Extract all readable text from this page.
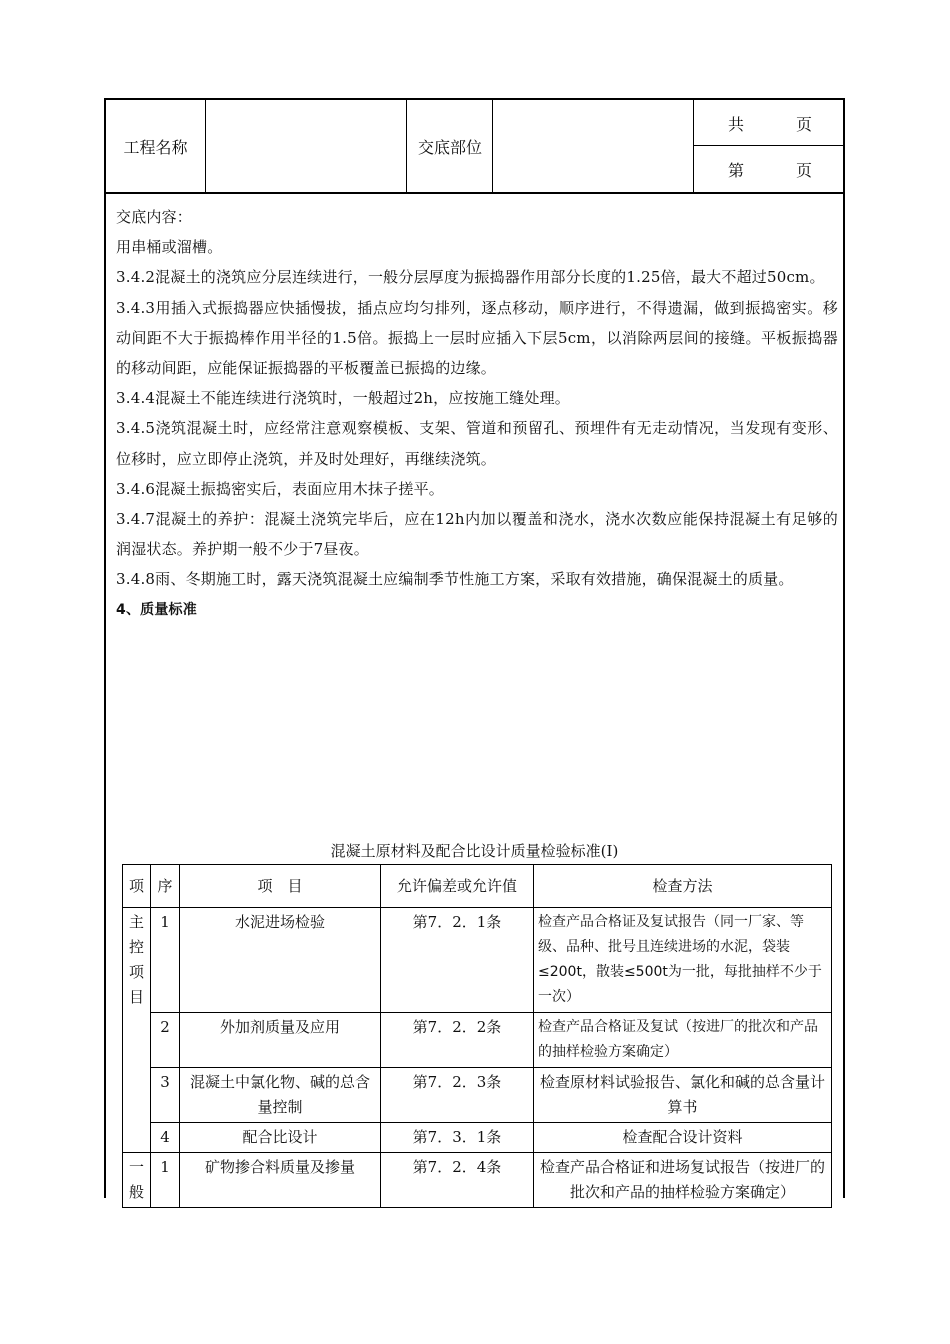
工程名称	交底部位
共	页
第	页

交底内容：

用串桶或溜槽。

3.4.2混凝土的浇筑应分层连续进行，一般分层厚度为振捣器作用部分长度的1.25倍，最大不超过50cm。

3.4.3用插入式振捣器应快插慢拔，插点应均匀排列，逐点移动，顺序进行，不得遗漏，做到振捣密实。移动间距不大于振捣棒作用半径的1.5倍。振捣上一层时应插入下层5cm，以消除两层间的接缝。平板振捣器的移动间距，应能保证振捣器的平板覆盖已振捣的边缘。

3.4.4混凝土不能连续进行浇筑时，一般超过2h，应按施工缝处理。

3.4.5浇筑混凝土时，应经常注意观察模板、支架、管道和预留孔、预埋件有无走动情况，当发现有变形、位移时，应立即停止浇筑，并及时处理好，再继续浇筑。

3.4.6混凝土振捣密实后，表面应用木抹子搓平。

3.4.7混凝土的养护：混凝土浇筑完毕后，应在12h内加以覆盖和浇水，浇水次数应能保持混凝土有足够的润湿状态。养护期一般不少于7昼夜。

3.4.8雨、冬期施工时，露天浇筑混凝土应编制季节性施工方案，采取有效措施，确保混凝土的质量。

4、质量标准

混凝土原材料及配合比设计质量检验标准(I)
项	序	项　目	允许偏差或允许值	检查方法
主控项目	1	水泥进场检验	第7．2．1条	检查产品合格证及复试报告（同一厂家、等级、品种、批号且连续进场的水泥，袋装≤200t，散装≤500t为一批，每批抽样不少于一次）
	2	外加剂质量及应用	第7．2．2条	检查产品合格证及复试（按进厂的批次和产品的抽样检验方案确定）
	3	混凝土中氯化物、碱的总含量控制	第7．2．3条	检查原材料试验报告、氯化和碱的总含量计算书
	4	配合比设计	第7．3．1条	检查配合设计资料
一般	1	矿物掺合料质量及掺量	第7．2．4条	检查产品合格证和进场复试报告（按进厂的批次和产品的抽样检验方案确定）
